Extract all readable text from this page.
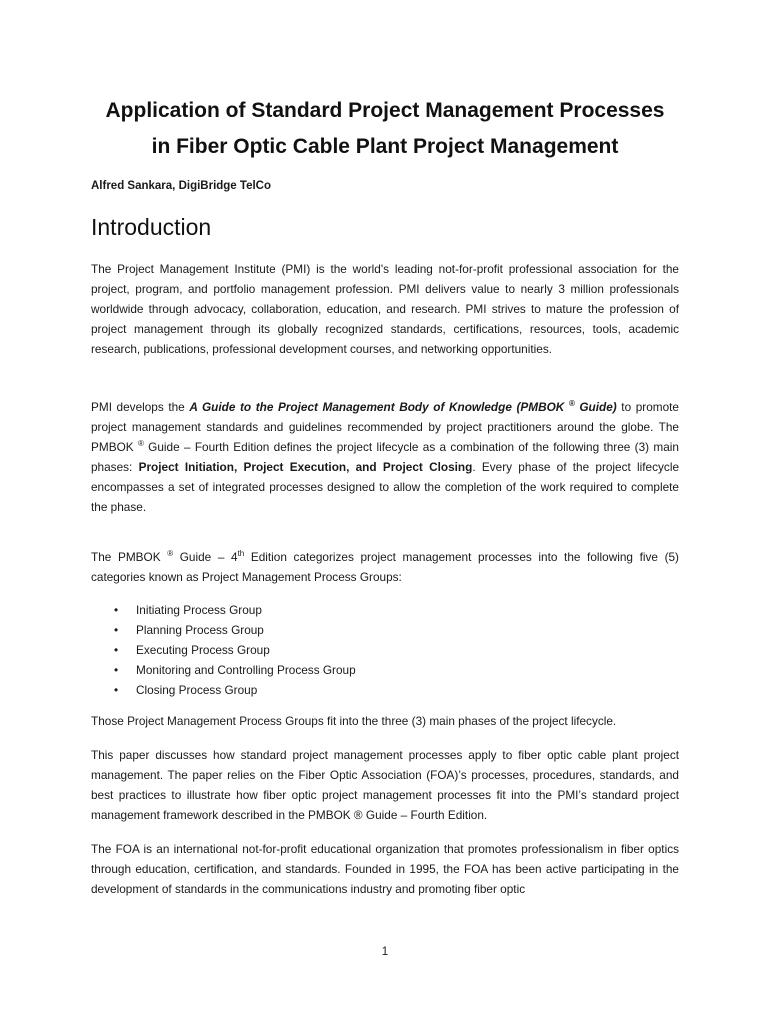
Application of Standard Project Management Processes
in Fiber Optic Cable Plant Project Management
Alfred Sankara, DigiBridge TelCo
Introduction

The Project Management Institute (PMI) is the world's leading not-for-profit professional association for the project, program, and portfolio management profession. PMI delivers value to nearly 3 million professionals worldwide through advocacy, collaboration, education, and research. PMI strives to mature the profession of project management through its globally recognized standards, certifications, resources, tools, academic research, publications, professional development courses, and networking opportunities.

PMI develops the A Guide to the Project Management Body of Knowledge (PMBOK ® Guide) to promote project management standards and guidelines recommended by project practitioners around the globe. The PMBOK ® Guide – Fourth Edition defines the project lifecycle as a combination of the following three (3) main phases: Project Initiation, Project Execution, and Project Closing. Every phase of the project lifecycle encompasses a set of integrated processes designed to allow the completion of the work required to complete the phase.

The PMBOK ® Guide – 4th Edition categorizes project management processes into the following five (5) categories known as Project Management Process Groups:

• Initiating Process Group
• Planning Process Group
• Executing Process Group
• Monitoring and Controlling Process Group
• Closing Process Group

Those Project Management Process Groups fit into the three (3) main phases of the project lifecycle.

This paper discusses how standard project management processes apply to fiber optic cable plant project management. The paper relies on the Fiber Optic Association (FOA)’s processes, procedures, standards, and best practices to illustrate how fiber optic project management processes fit into the PMI’s standard project management framework described in the PMBOK ® Guide – Fourth Edition.

The FOA is an international not-for-profit educational organization that promotes professionalism in fiber optics through education, certification, and standards. Founded in 1995, the FOA has been active participating in the development of standards in the communications industry and promoting fiber optic

1
